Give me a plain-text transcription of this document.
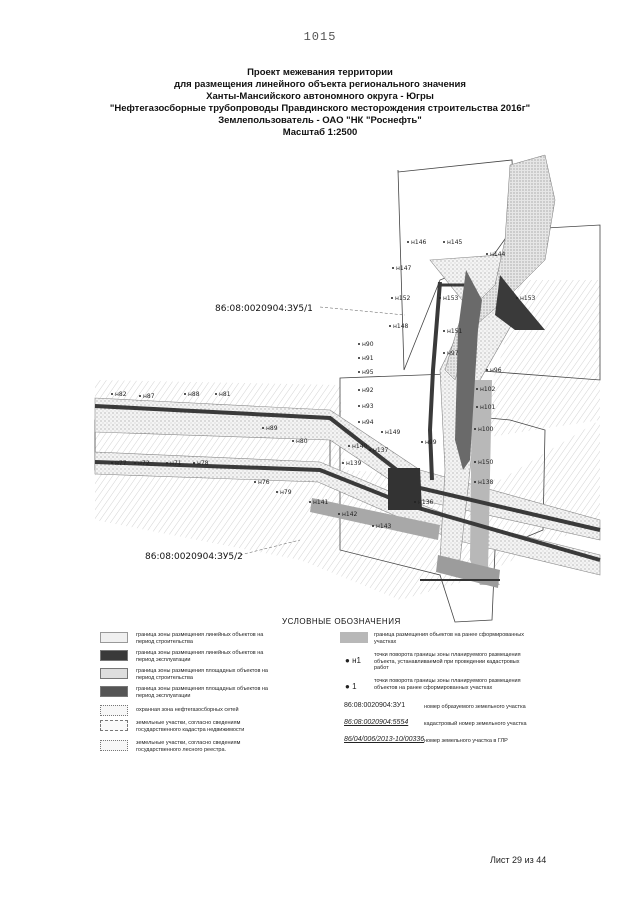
1015
Проект межевания территории
для размещения линейного объекта регионального значения
Ханты-Мансийского автономного округа - Югры
"Нефтегазосборные трубопроводы Правдинского месторождения строительства 2016г"
Землепользователь - ОАО "НК "Роснефть"
Масштаб 1:2500
86:08:0020904:ЗУ5/1
86:08:0020904:ЗУ5/2
н146	н145
н144
н147
н152	н153	н153
н148
н151
н90
н97
н91
н95	н96
н102
н92
н101
н82	н87	н88	н81
н93
н94
н149
н89	н100
н80
н140
н99
н137
н77 н72	н71	н78	н139	н150
н138
н76
н79
н141	н136
н142
н143
УСЛОВНЫЕ ОБОЗНАЧЕНИЯ
граница зоны размещения линейных объектов на период строительства
граница зоны размещения линейных объектов на период эксплуатации
граница зоны размещения площадных объектов на период строительства
граница зоны размещения площадных объектов на период эксплуатации
охранная зона нефтегазосборных сетей
земельные участки, согласно сведениям государственного кадастра недвижимости
земельные участки, согласно сведениям государственного лесного реестра.
граница размещения объектов на ранее сформированных участках
● н1
точки поворота границы зоны планируемого размещения объекта, устанавливаемой при проведении кадастровых работ
● 1
точки поворота границы зоны планируемого размещения объектов на ранее сформированных участках
86:08:0020904:ЗУ1	номер образуемого земельного участка
86:08:0020904:5554	кадастровый номер земельного участка
86/04/006/2013-10/00336 номер земельного участка в ГЛР
Лист 29 из 44
